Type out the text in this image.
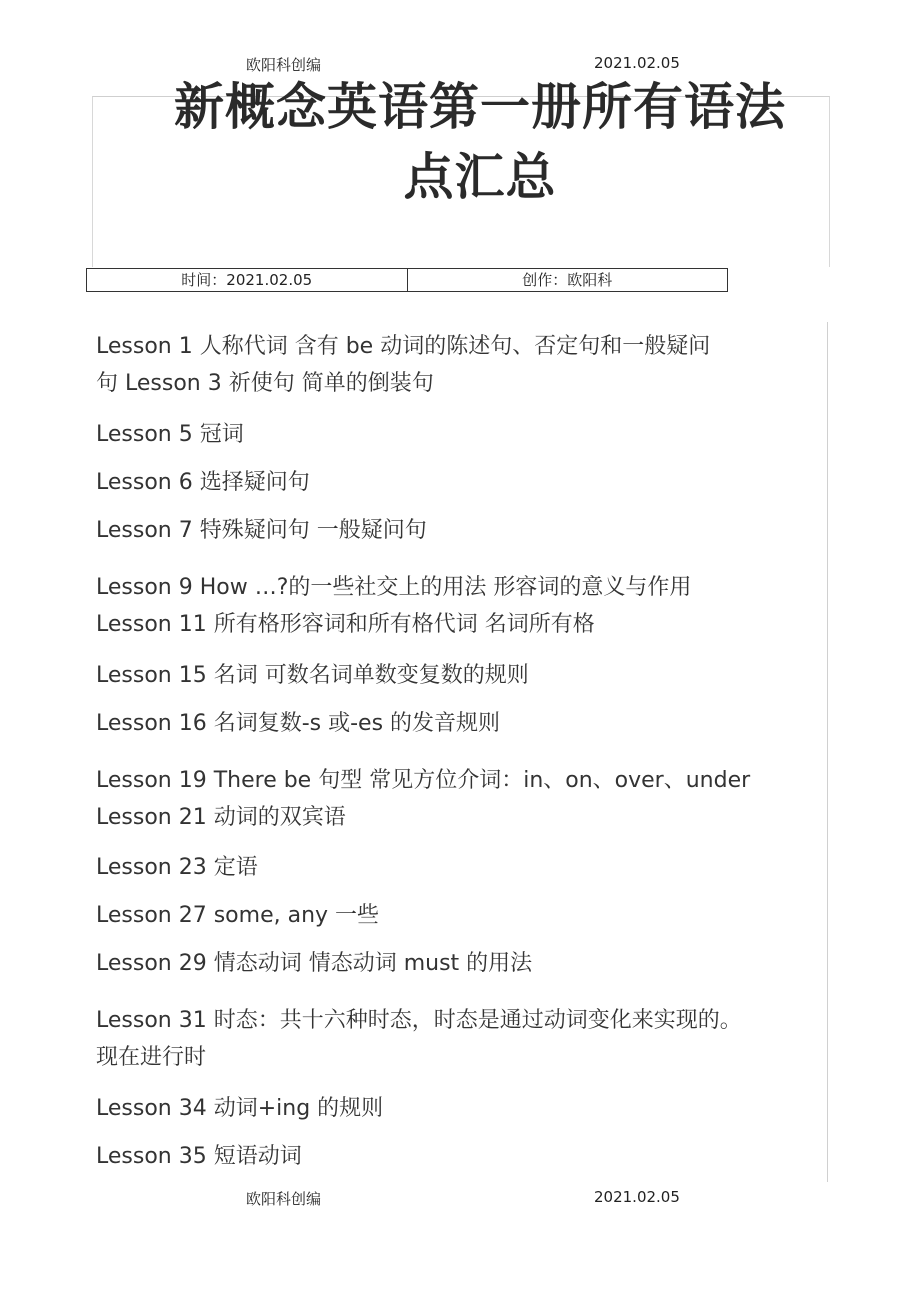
欧阳科创编	2021.02.05
新概念英语第一册所有语法
点汇总
时间：2021.02.05	创作：欧阳科

Lesson 1 人称代词 含有 be 动词的陈述句、否定句和一般疑问

句 Lesson 3 祈使句 简单的倒装句

Lesson 5 冠词

Lesson 6 选择疑问句

Lesson 7 特殊疑问句 一般疑问句

Lesson 9 How …?的一些社交上的用法 形容词的意义与作用

Lesson 11 所有格形容词和所有格代词 名词所有格

Lesson 15 名词 可数名词单数变复数的规则

Lesson 16 名词复数-s 或-es 的发音规则

Lesson 19 There be 句型 常见方位介词：in、on、over、under

Lesson 21 动词的双宾语

Lesson 23 定语

Lesson 27 some, any 一些

Lesson 29 情态动词 情态动词 must 的用法

Lesson 31 时态：共十六种时态，时态是通过动词变化来实现的。

现在进行时

Lesson 34 动词+ing 的规则

Lesson 35 短语动词

欧阳科创编	2021.02.05
